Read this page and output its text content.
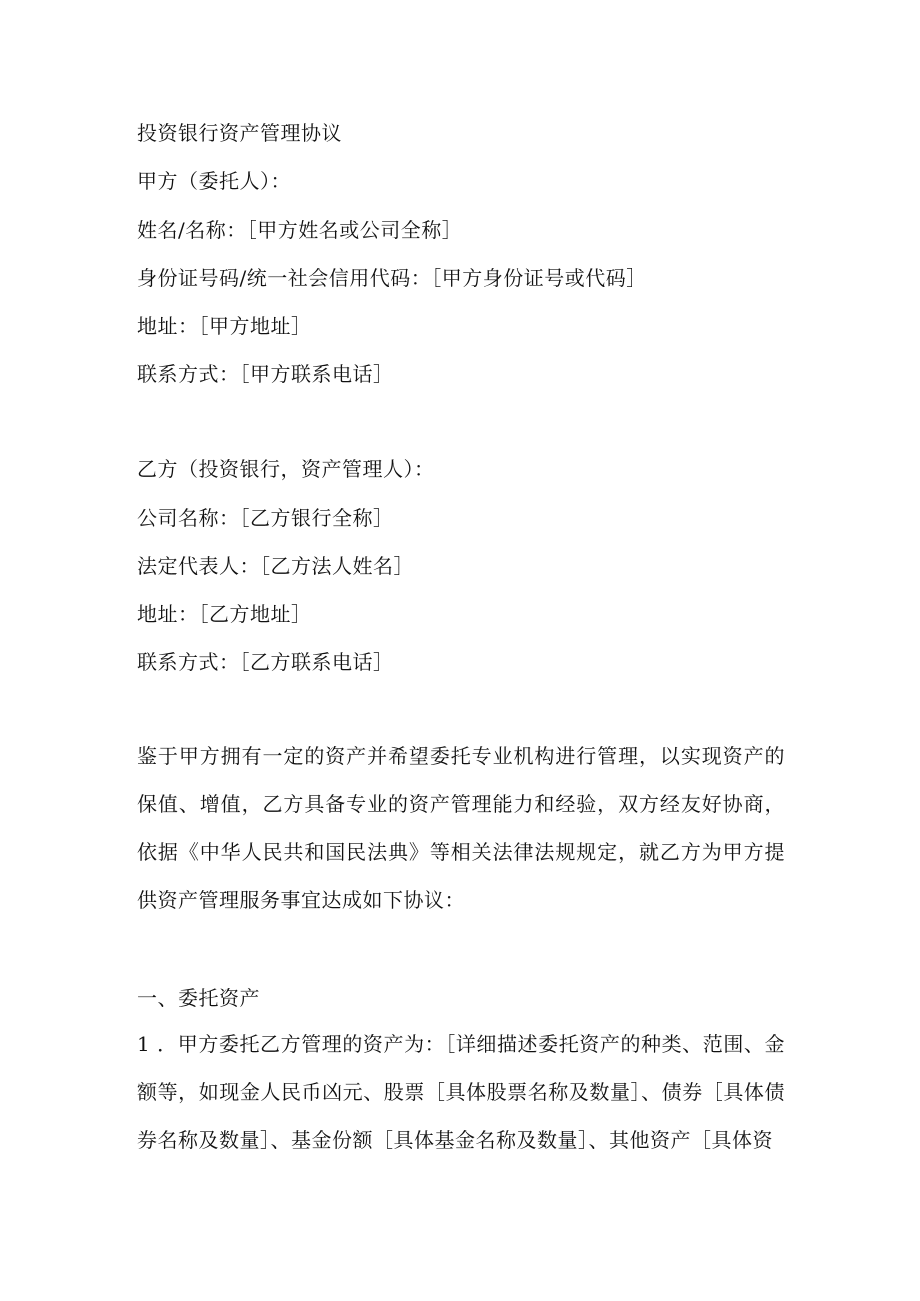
投资银行资产管理协议
甲方（委托人）：
姓名/名称：［甲方姓名或公司全称］
身份证号码/统一社会信用代码：［甲方身份证号或代码］
地址：［甲方地址］
联系方式：［甲方联系电话］
乙方（投资银行，资产管理人）：
公司名称：［乙方银行全称］
法定代表人：［乙方法人姓名］
地址：［乙方地址］
联系方式：［乙方联系电话］
鉴于甲方拥有一定的资产并希望委托专业机构进行管理，以实现资产的保值、增值，乙方具备专业的资产管理能力和经验，双方经友好协商，依据《中华人民共和国民法典》等相关法律法规规定，就乙方为甲方提供资产管理服务事宜达成如下协议：
一、委托资产
1 ．甲方委托乙方管理的资产为：［详细描述委托资产的种类、范围、金额等，如现金人民币凶元、股票［具体股票名称及数量］、债券［具体债券名称及数量］、基金份额［具体基金名称及数量］、其他资产［具体资
